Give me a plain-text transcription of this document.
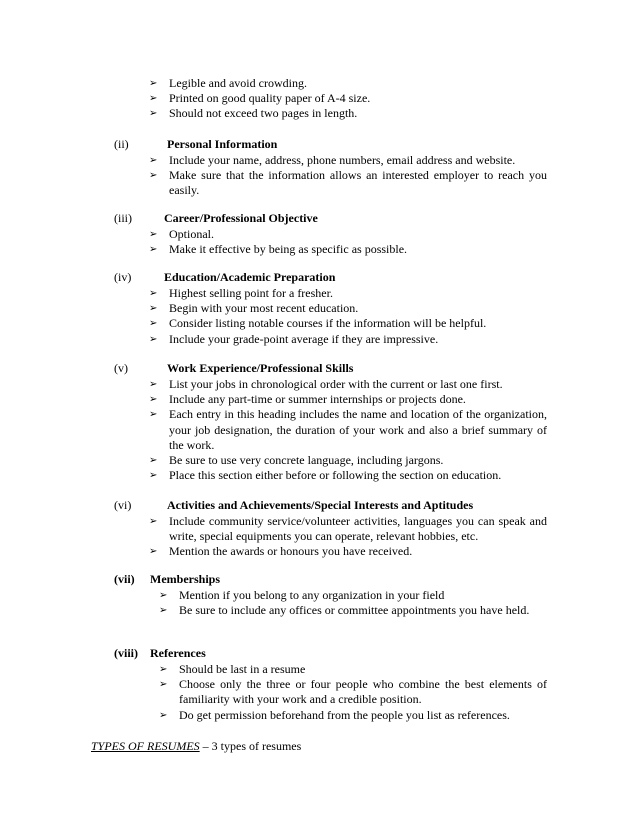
➢ Legible and avoid crowding.
➢ Printed on good quality paper of A-4 size.
➢ Should not exceed two pages in length.
(ii)	Personal Information
➢ Include your name, address, phone numbers, email address and website.
➢ Make sure that the information allows an interested employer to reach you easily.
(iii)	Career/Professional Objective
➢ Optional.
➢ Make it effective by being as specific as possible.
(iv)	Education/Academic Preparation
➢ Highest selling point for a fresher.
➢ Begin with your most recent education.
➢ Consider listing notable courses if the information will be helpful.
➢ Include your grade-point average if they are impressive.
(v)	Work Experience/Professional Skills
➢ List your jobs in chronological order with the current or last one first.
➢ Include any part-time or summer internships or projects done.
➢ Each entry in this heading includes the name and location of the organization, your job designation, the duration of your work and also a brief summary of the work.
➢ Be sure to use very concrete language, including jargons.
➢ Place this section either before or following the section on education.
(vi)	Activities and Achievements/Special Interests and Aptitudes
➢ Include community service/volunteer activities, languages you can speak and write, special equipments you can operate, relevant hobbies, etc.
➢ Mention the awards or honours you have received.
(vii) Memberships
➢ Mention if you belong to any organization in your field
➢ Be sure to include any offices or committee appointments you have held.
(viii) References
➢ Should be last in a resume
➢ Choose only the three or four people who combine the best elements of familiarity with your work and a credible position.
➢ Do get permission beforehand from the people you list as references.
TYPES OF RESUMES – 3 types of resumes
